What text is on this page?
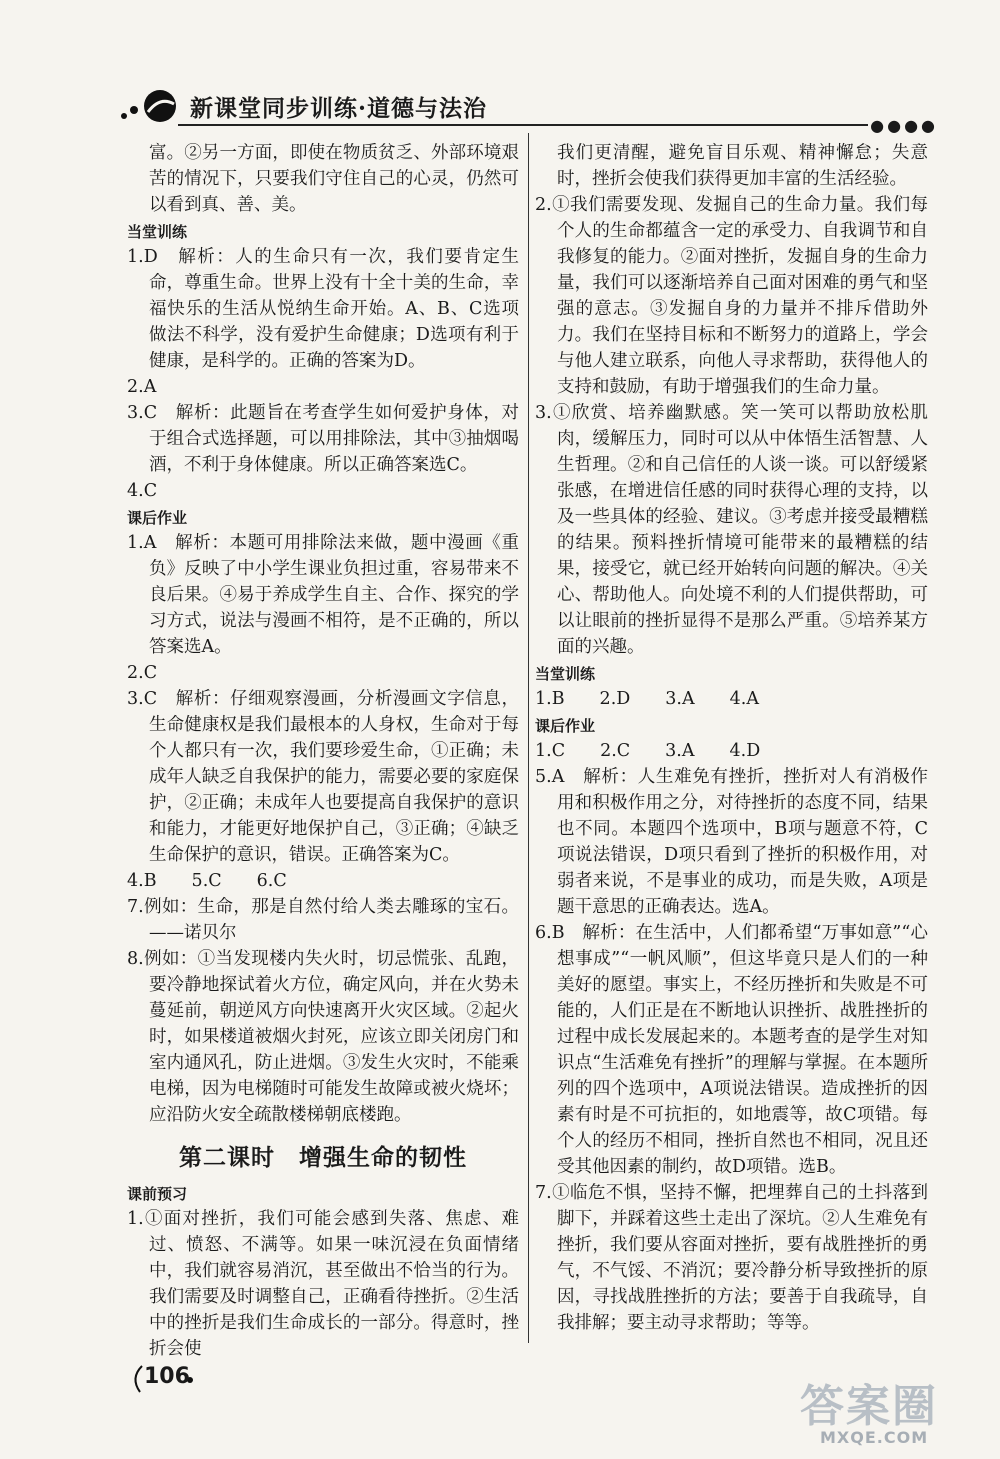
新课堂同步训练·道德与法治
●●●●

富。②另一方面，即使在物质贫乏、外部环境艰苦的情况下，只要我们守住自己的心灵，仍然可以看到真、善、美。

当堂训练

1.D　解析：人的生命只有一次，我们要肯定生命，尊重生命。世界上没有十全十美的生命，幸福快乐的生活从悦纳生命开始。A、B、C选项做法不科学，没有爱护生命健康；D选项有利于健康，是科学的。正确的答案为D。

2.A

3.C　解析：此题旨在考查学生如何爱护身体，对于组合式选择题，可以用排除法，其中③抽烟喝酒，不利于身体健康。所以正确答案选C。

4.C

课后作业

1.A　解析：本题可用排除法来做，题中漫画《重负》反映了中小学生课业负担过重，容易带来不良后果。④易于养成学生自主、合作、探究的学习方式，说法与漫画不相符，是不正确的，所以答案选A。

2.C

3.C　解析：仔细观察漫画，分析漫画文字信息，生命健康权是我们最根本的人身权，生命对于每个人都只有一次，我们要珍爱生命，①正确；未成年人缺乏自我保护的能力，需要必要的家庭保护，②正确；未成年人也要提高自我保护的意识和能力，才能更好地保护自己，③正确；④缺乏生命保护的意识，错误。正确答案为C。

4.B　　5.C　　6.C

7.例如：生命，那是自然付给人类去雕琢的宝石。——诺贝尔

8.例如：①当发现楼内失火时，切忌慌张、乱跑，要冷静地探试着火方位，确定风向，并在火势未蔓延前，朝逆风方向快速离开火灾区域。②起火时，如果楼道被烟火封死，应该立即关闭房门和室内通风孔，防止进烟。③发生火灾时，不能乘电梯，因为电梯随时可能发生故障或被火烧坏；应沿防火安全疏散楼梯朝底楼跑。

第二课时　增强生命的韧性
课前预习

1.①面对挫折，我们可能会感到失落、焦虑、难过、愤怒、不满等。如果一味沉浸在负面情绪中，我们就容易消沉，甚至做出不恰当的行为。我们需要及时调整自己，正确看待挫折。②生活中的挫折是我们生命成长的一部分。得意时，挫折会使

我们更清醒，避免盲目乐观、精神懈怠；失意时，挫折会使我们获得更加丰富的生活经验。

2.①我们需要发现、发掘自己的生命力量。我们每个人的生命都蕴含一定的承受力、自我调节和自我修复的能力。②面对挫折，发掘自身的生命力量，我们可以逐渐培养自己面对困难的勇气和坚强的意志。③发掘自身的力量并不排斥借助外力。我们在坚持目标和不断努力的道路上，学会与他人建立联系，向他人寻求帮助，获得他人的支持和鼓励，有助于增强我们的生命力量。

3.①欣赏、培养幽默感。笑一笑可以帮助放松肌肉，缓解压力，同时可以从中体悟生活智慧、人生哲理。②和自己信任的人谈一谈。可以舒缓紧张感，在增进信任感的同时获得心理的支持，以及一些具体的经验、建议。③考虑并接受最糟糕的结果。预料挫折情境可能带来的最糟糕的结果，接受它，就已经开始转向问题的解决。④关心、帮助他人。向处境不利的人们提供帮助，可以让眼前的挫折显得不是那么严重。⑤培养某方面的兴趣。

当堂训练

1.B　　2.D　　3.A　　4.A

课后作业

1.C　　2.C　　3.A　　4.D

5.A　解析：人生难免有挫折，挫折对人有消极作用和积极作用之分，对待挫折的态度不同，结果也不同。本题四个选项中，B项与题意不符，C项说法错误，D项只看到了挫折的积极作用，对弱者来说，不是事业的成功，而是失败，A项是题干意思的正确表达。选A。

6.B　解析：在生活中，人们都希望“万事如意”“心想事成”“一帆风顺”，但这毕竟只是人们的一种美好的愿望。事实上，不经历挫折和失败是不可能的，人们正是在不断地认识挫折、战胜挫折的过程中成长发展起来的。本题考查的是学生对知识点“生活难免有挫折”的理解与掌握。在本题所列的四个选项中，A项说法错误。造成挫折的因素有时是不可抗拒的，如地震等，故C项错。每个人的经历不相同，挫折自然也不相同，况且还受其他因素的制约，故D项错。选B。

7.①临危不惧，坚持不懈，把埋葬自己的土抖落到脚下，并踩着这些土走出了深坑。②人生难免有挫折，我们要从容面对挫折，要有战胜挫折的勇气，不气馁、不消沉；要冷静分析导致挫折的原因，寻找战胜挫折的方法；要善于自我疏导，自我排解；要主动寻求帮助；等等。

106
答案圈
MXQE.COM
